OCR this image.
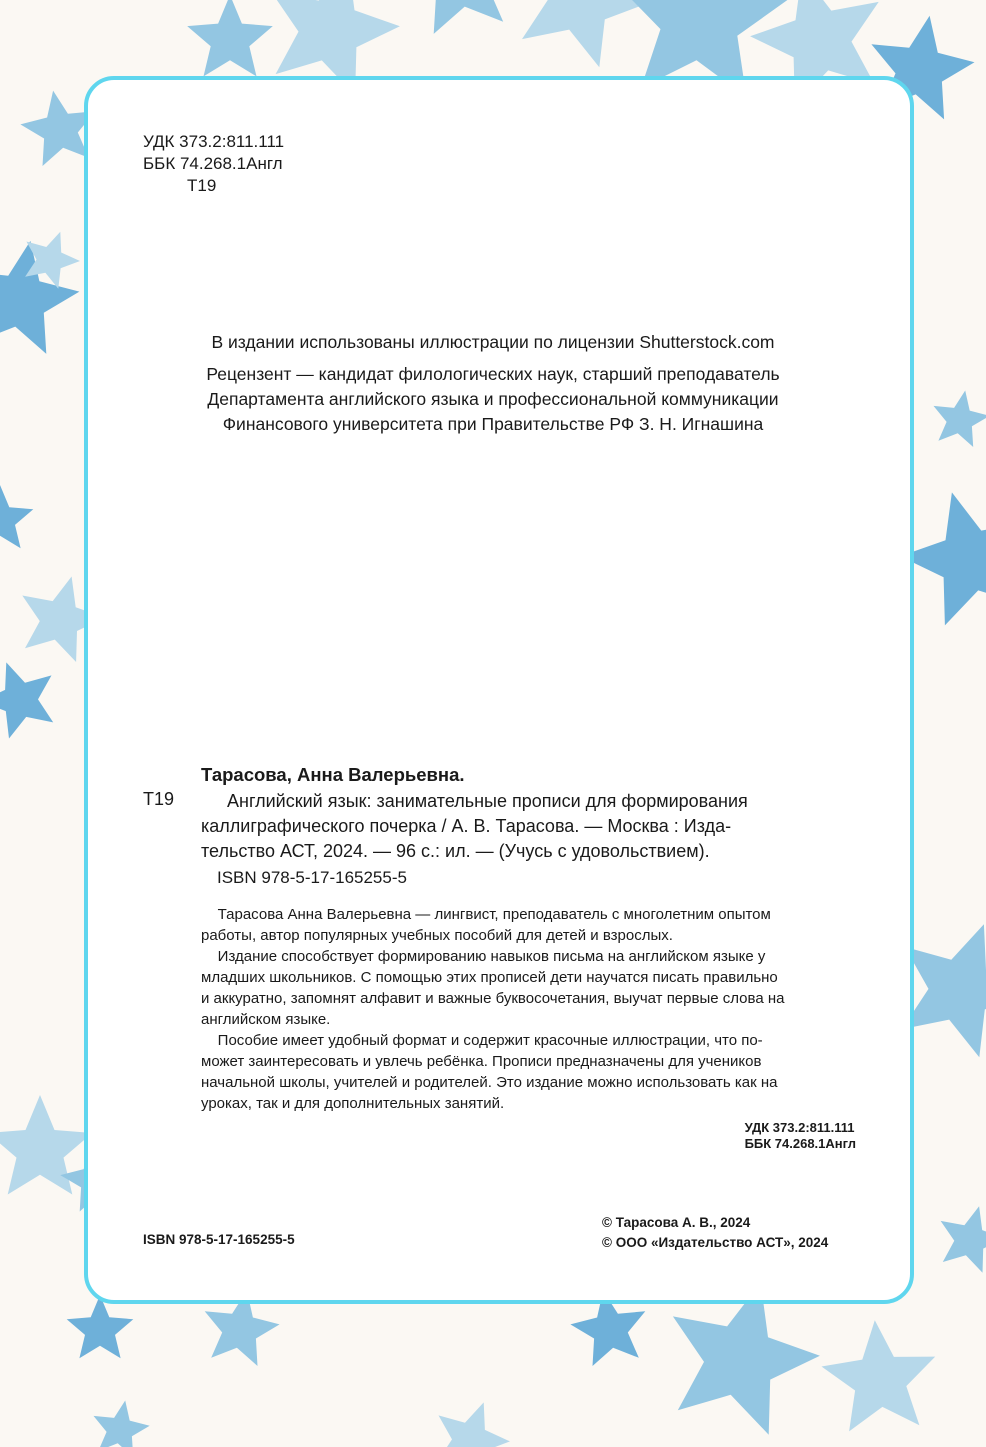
УДК 373.2:811.111
ББК 74.268.1Англ
Т19
В издании использованы иллюстрации по лицензии Shutterstock.com
Рецензент — кандидат филологических наук, старший преподаватель
Департамента английского языка и профессиональной коммуникации
Финансового университета при Правительстве РФ З. Н. Игнашина
Тарасова, Анна Валерьевна.
Т19	Английский язык: занимательные прописи для формирования
каллиграфического почерка / А. В. Тарасова. — Москва : Изда-
тельство АСТ, 2024. — 96 с.: ил. — (Учусь с удовольствием).
ISBN 978-5-17-165255-5
Тарасова Анна Валерьевна — лингвист, преподаватель с многолетним опытом
работы, автор популярных учебных пособий для детей и взрослых.
Издание способствует формированию навыков письма на английском языке у
младших школьников. С помощью этих прописей дети научатся писать правильно
и аккуратно, запомнят алфавит и важные буквосочетания, выучат первые слова на
английском языке.
Пособие имеет удобный формат и содержит красочные иллюстрации, что по-
может заинтересовать и увлечь ребёнка. Прописи предназначены для учеников
начальной школы, учителей и родителей. Это издание можно использовать как на
уроках, так и для дополнительных занятий.
УДК 373.2:811.111
ББК 74.268.1Англ
ISBN 978-5-17-165255-5
© Тарасова А. В., 2024
© ООО «Издательство АСТ», 2024
